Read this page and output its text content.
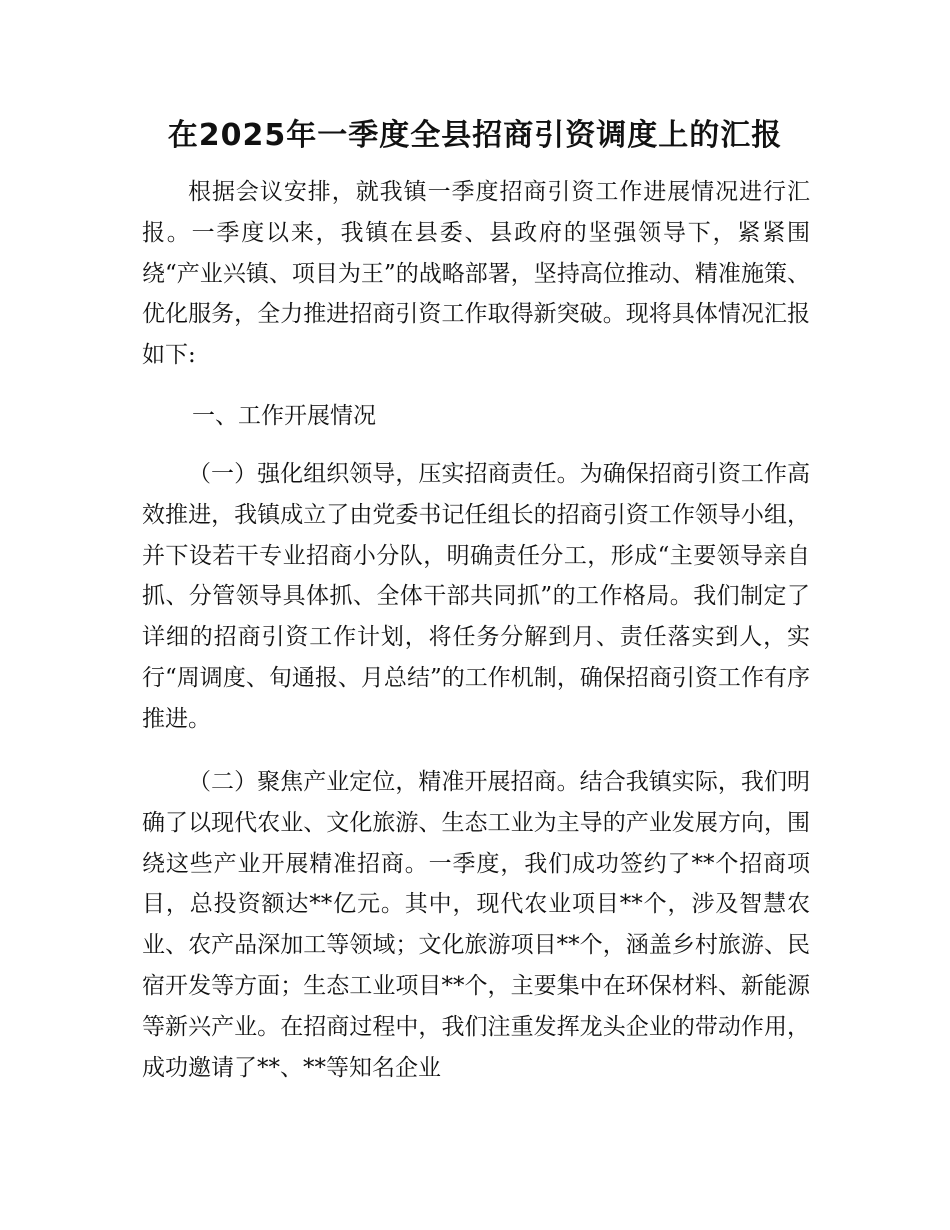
在2025年一季度全县招商引资调度上的汇报

根据会议安排，就我镇一季度招商引资工作进展情况进行汇报。一季度以来，我镇在县委、县政府的坚强领导下，紧紧围绕“产业兴镇、项目为王”的战略部署，坚持高位推动、精准施策、优化服务，全力推进招商引资工作取得新突破。现将具体情况汇报如下:

一、工作开展情况

（一）强化组织领导，压实招商责任。为确保招商引资工作高效推进，我镇成立了由党委书记任组长的招商引资工作领导小组，并下设若干专业招商小分队，明确责任分工，形成“主要领导亲自抓、分管领导具体抓、全体干部共同抓”的工作格局。我们制定了详细的招商引资工作计划，将任务分解到月、责任落实到人，实行“周调度、旬通报、月总结”的工作机制，确保招商引资工作有序推进。

（二）聚焦产业定位，精准开展招商。结合我镇实际，我们明确了以现代农业、文化旅游、生态工业为主导的产业发展方向，围绕这些产业开展精准招商。一季度，我们成功签约了**个招商项目，总投资额达**亿元。其中，现代农业项目**个，涉及智慧农业、农产品深加工等领域；文化旅游项目**个，涵盖乡村旅游、民宿开发等方面；生态工业项目**个，主要集中在环保材料、新能源等新兴产业。在招商过程中，我们注重发挥龙头企业的带动作用，成功邀请了**、**等知名企业
